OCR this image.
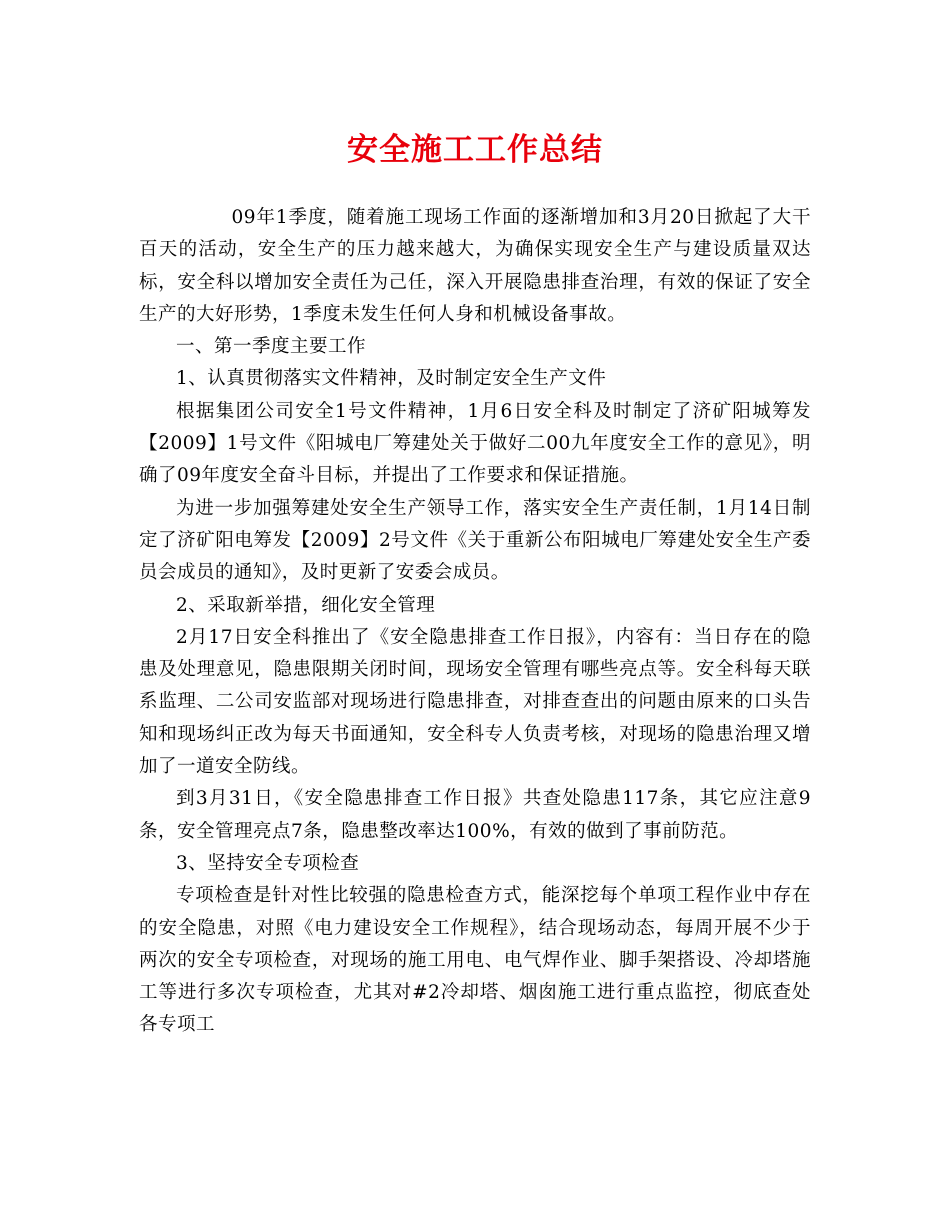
安全施工工作总结

09年1季度，随着施工现场工作面的逐渐增加和3月20日掀起了大干百天的活动，安全生产的压力越来越大，为确保实现安全生产与建设质量双达标，安全科以增加安全责任为己任，深入开展隐患排查治理，有效的保证了安全生产的大好形势，1季度未发生任何人身和机械设备事故。

一、第一季度主要工作

1、认真贯彻落实文件精神，及时制定安全生产文件

根据集团公司安全1号文件精神，1月6日安全科及时制定了济矿阳城筹发【2009】1号文件《阳城电厂筹建处关于做好二00九年度安全工作的意见》，明确了09年度安全奋斗目标，并提出了工作要求和保证措施。

为进一步加强筹建处安全生产领导工作，落实安全生产责任制，1月14日制定了济矿阳电筹发【2009】2号文件《关于重新公布阳城电厂筹建处安全生产委员会成员的通知》，及时更新了安委会成员。

2、采取新举措，细化安全管理

2月17日安全科推出了《安全隐患排查工作日报》，内容有：当日存在的隐患及处理意见，隐患限期关闭时间，现场安全管理有哪些亮点等。安全科每天联系监理、二公司安监部对现场进行隐患排查，对排查查出的问题由原来的口头告知和现场纠正改为每天书面通知，安全科专人负责考核，对现场的隐患治理又增加了一道安全防线。

到3月31日，《安全隐患排查工作日报》共查处隐患117条，其它应注意9条，安全管理亮点7条，隐患整改率达100%，有效的做到了事前防范。

3、坚持安全专项检查

专项检查是针对性比较强的隐患检查方式，能深挖每个单项工程作业中存在的安全隐患，对照《电力建设安全工作规程》，结合现场动态，每周开展不少于两次的安全专项检查，对现场的施工用电、电气焊作业、脚手架搭设、冷却塔施工等进行多次专项检查，尤其对#2冷却塔、烟囱施工进行重点监控，彻底查处各专项工
